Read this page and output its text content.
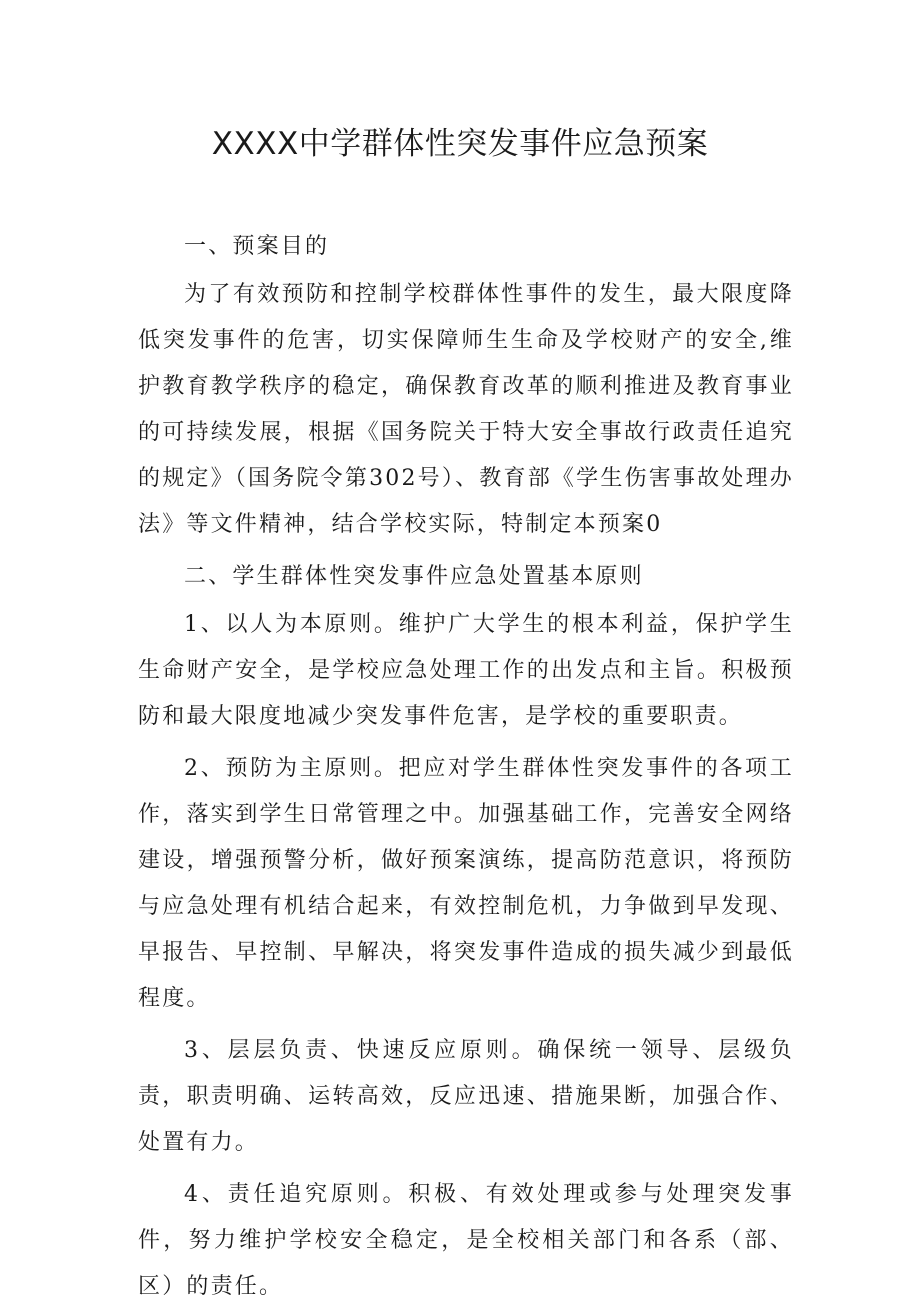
XXXX中学群体性突发事件应急预案

一、预案目的

为了有效预防和控制学校群体性事件的发生，最大限度降低突发事件的危害，切实保障师生生命及学校财产的安全,维护教育教学秩序的稳定，确保教育改革的顺利推进及教育事业的可持续发展，根据《国务院关于特大安全事故行政责任追究的规定》（国务院令第302号）、教育部《学生伤害事故处理办法》等文件精神，结合学校实际，特制定本预案0

二、学生群体性突发事件应急处置基本原则

1、以人为本原则。维护广大学生的根本利益，保护学生生命财产安全，是学校应急处理工作的出发点和主旨。积极预防和最大限度地减少突发事件危害，是学校的重要职责。

2、预防为主原则。把应对学生群体性突发事件的各项工作，落实到学生日常管理之中。加强基础工作，完善安全网络建设，增强预警分析，做好预案演练，提高防范意识，将预防与应急处理有机结合起来，有效控制危机，力争做到早发现、早报告、早控制、早解决，将突发事件造成的损失减少到最低程度。

3、层层负责、快速反应原则。确保统一领导、层级负责，职责明确、运转高效，反应迅速、措施果断，加强合作、处置有力。

4、责任追究原则。积极、有效处理或参与处理突发事件，努力维护学校安全稳定，是全校相关部门和各系（部、区）的责任。
